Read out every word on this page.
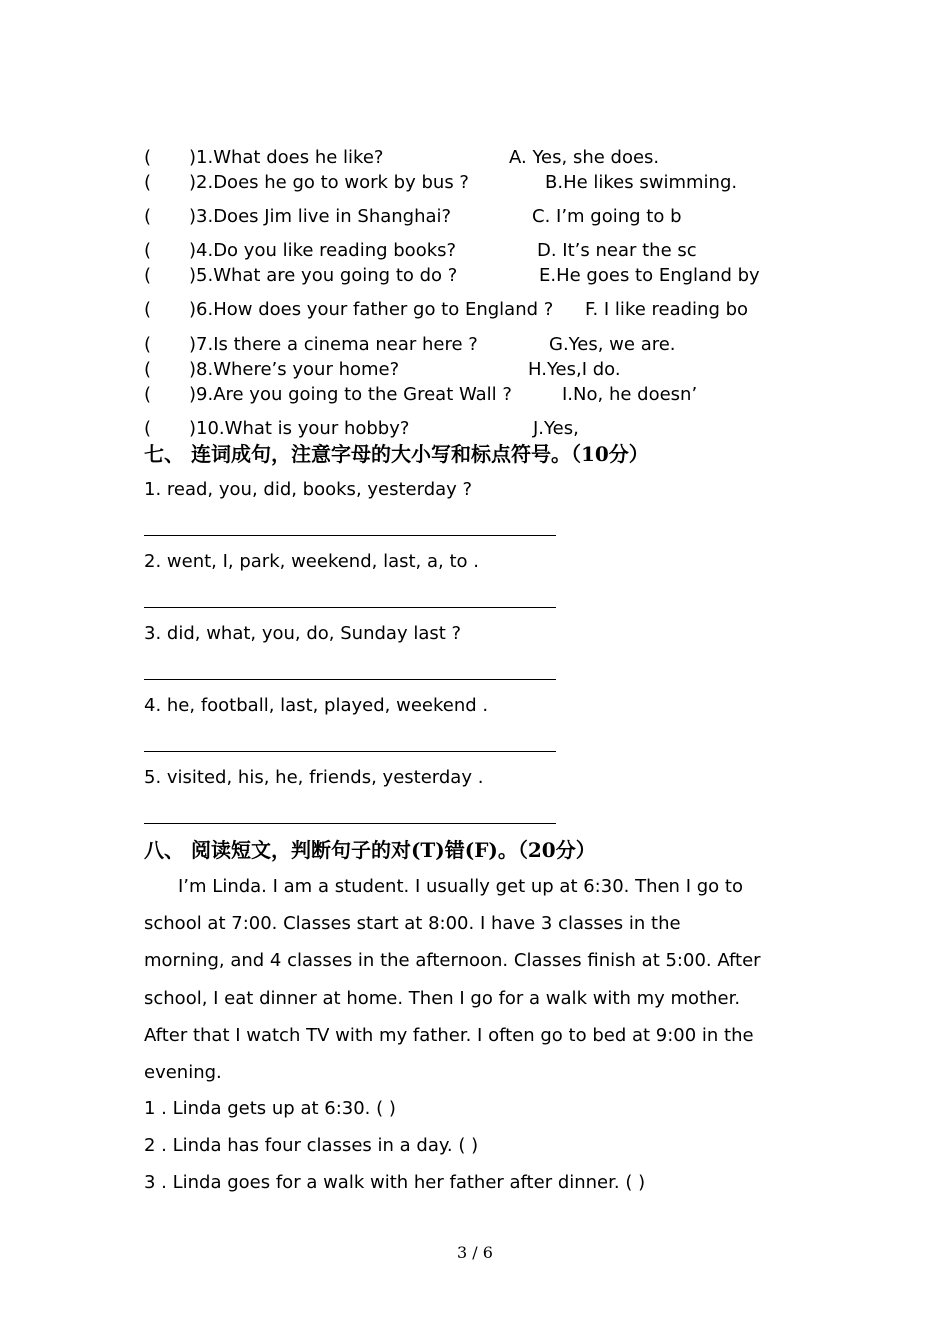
( )1.What does he like?	A. Yes, she does.
( )2.Does he go to work by bus ?	B.He likes swimming.
( )3.Does Jim live in Shanghai?	C. I’m going to b
( )4.Do you like reading books?	D. It’s near the sc
( )5.What are you going to do ?	E.He goes to England by
( )6.How does your father go to England ? F. I like reading bo
( )7.Is there a cinema near here ?	G.Yes, we are.
( )8.Where’s your home?	H.Yes,I do.
( )9.Are you going to the Great Wall ?	I.No, he doesn’
( )10.What is your hobby?	J.Yes,
七、 连词成句，注意字母的大小写和标点符号。（10分）
1. read, you, did, books, yesterday ?
2. went, I, park, weekend, last, a, to .
3. did, what, you, do, Sunday last ?
4. he, football, last, played, weekend .
5. visited, his, he, friends, yesterday .
八、 阅读短文，判断句子的对(T)错(F)。（20分）
I’m Linda. I am a student. I usually get up at 6:30. Then I go to
school at 7:00. Classes start at 8:00. I have 3 classes in the
morning, and 4 classes in the afternoon. Classes finish at 5:00. After
school, I eat dinner at home. Then I go for a walk with my mother.
After that I watch TV with my father. I often go to bed at 9:00 in the
evening.
1 . Linda gets up at 6:30. ( )
2 . Linda has four classes in a day. ( )
3 . Linda goes for a walk with her father after dinner. ( )
3 / 6
